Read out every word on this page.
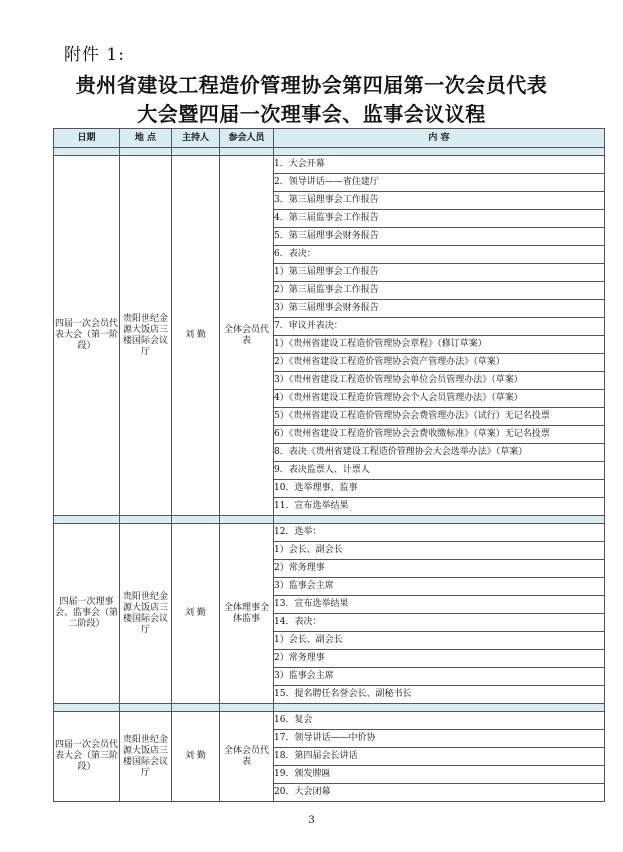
附件 1:
贵州省建设工程造价管理协会第四届第一次会员代表
大会暨四届一次理事会、监事会议议程
日期	地 点	主持人	参会人员	内 容

四届一次会员代表大会（第一阶段）	贵阳世纪金源大饭店三楼国际会议厅	刘 勤	全体会员代表	1．大会开幕
				2．领导讲话——省住建厅
				3．第三届理事会工作报告
				4．第三届监事会工作报告
				5．第三届理事会财务报告
				6．表决：
				1）第三届理事会工作报告
				2）第三届监事会工作报告
				3）第三届理事会财务报告
				7．审议并表决：
				1）《贵州省建设工程造价管理协会章程》（修订草案）
				2）《贵州省建设工程造价管理协会资产管理办法》（草案）
				3）《贵州省建设工程造价管理协会单位会员管理办法》（草案）
				4）《贵州省建设工程造价管理协会个人会员管理办法》（草案）
				5）《贵州省建设工程造价管理协会会费管理办法》（试行）无记名投票
				6）《贵州省建设工程造价管理协会会费收缴标准》（草案）无记名投票
				8．表决《贵州省建设工程造价管理协会大会选举办法》（草案）
				9．表决监票人、计票人
				10．选举理事、监事
				11．宣布选举结果

四届一次理事会、监事会（第二阶段）	贵阳世纪金源大饭店三楼国际会议厅	刘 勤	全体理事全体监事	12．选举：
				1）会长、副会长
				2）常务理事
				3）监事会主席
				13．宣布选举结果
				14．表决：
				1）会长、副会长
				2）常务理事
				3）监事会主席
				15．提名聘任名誉会长、副秘书长

四届一次会员代表大会（第三阶段）	贵阳世纪金源大饭店三楼国际会议厅	刘 勤	全体会员代表	16．复会
				17．领导讲话——中价协
				18．第四届会长讲话
				19．颁发牌匾
				20．大会闭幕
3
